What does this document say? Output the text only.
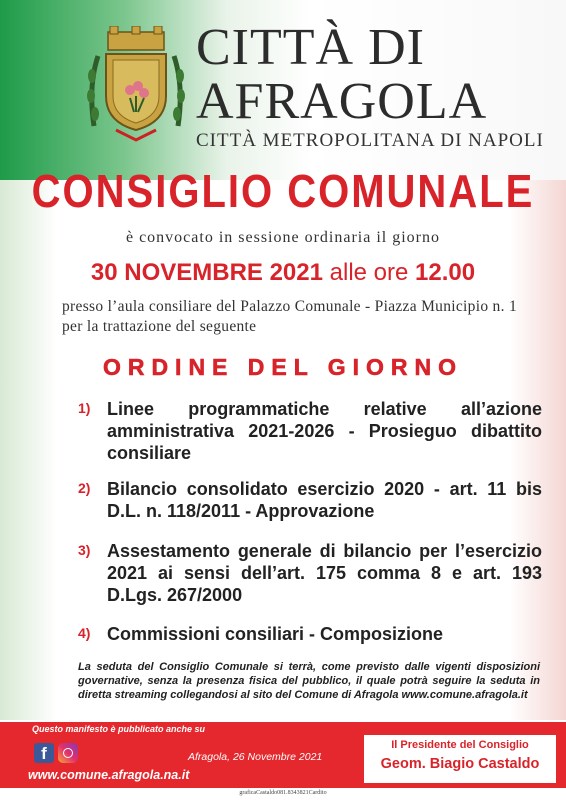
CITTÀ DI
AFRAGOLA
CITTÀ METROPOLITANA DI NAPOLI
CONSIGLIO COMUNALE
è convocato in sessione ordinaria il giorno
30 NOVEMBRE 2021 alle ore 12.00
presso l’aula consiliare del Palazzo Comunale - Piazza Municipio n. 1 per la trattazione del seguente
ORDINE DEL GIORNO
1) Linee programmatiche relative all’azione amministrativa 2021-2026 - Prosieguo dibattito consiliare
2) Bilancio consolidato esercizio 2020 - art. 11 bis D.L. n. 118/2011 - Approvazione
3) Assestamento generale di bilancio per l’esercizio 2021 ai sensi dell’art. 175 comma 8 e art. 193 D.Lgs. 267/2000
4) Commissioni consiliari - Composizione
La seduta del Consiglio Comunale si terrà, come previsto dalle vigenti disposizioni governative, senza la presenza fisica del pubblico, il quale potrà seguire la seduta in diretta streaming collegandosi al sito del Comune di Afragola www.comune.afragola.it
Questo manifesto è pubblicato anche su
f
www.comune.afragola.na.it
Afragola, 26 Novembre 2021
Il Presidente del Consiglio
Geom. Biagio Castaldo
graficaCastaldo081.8343821Cardito
